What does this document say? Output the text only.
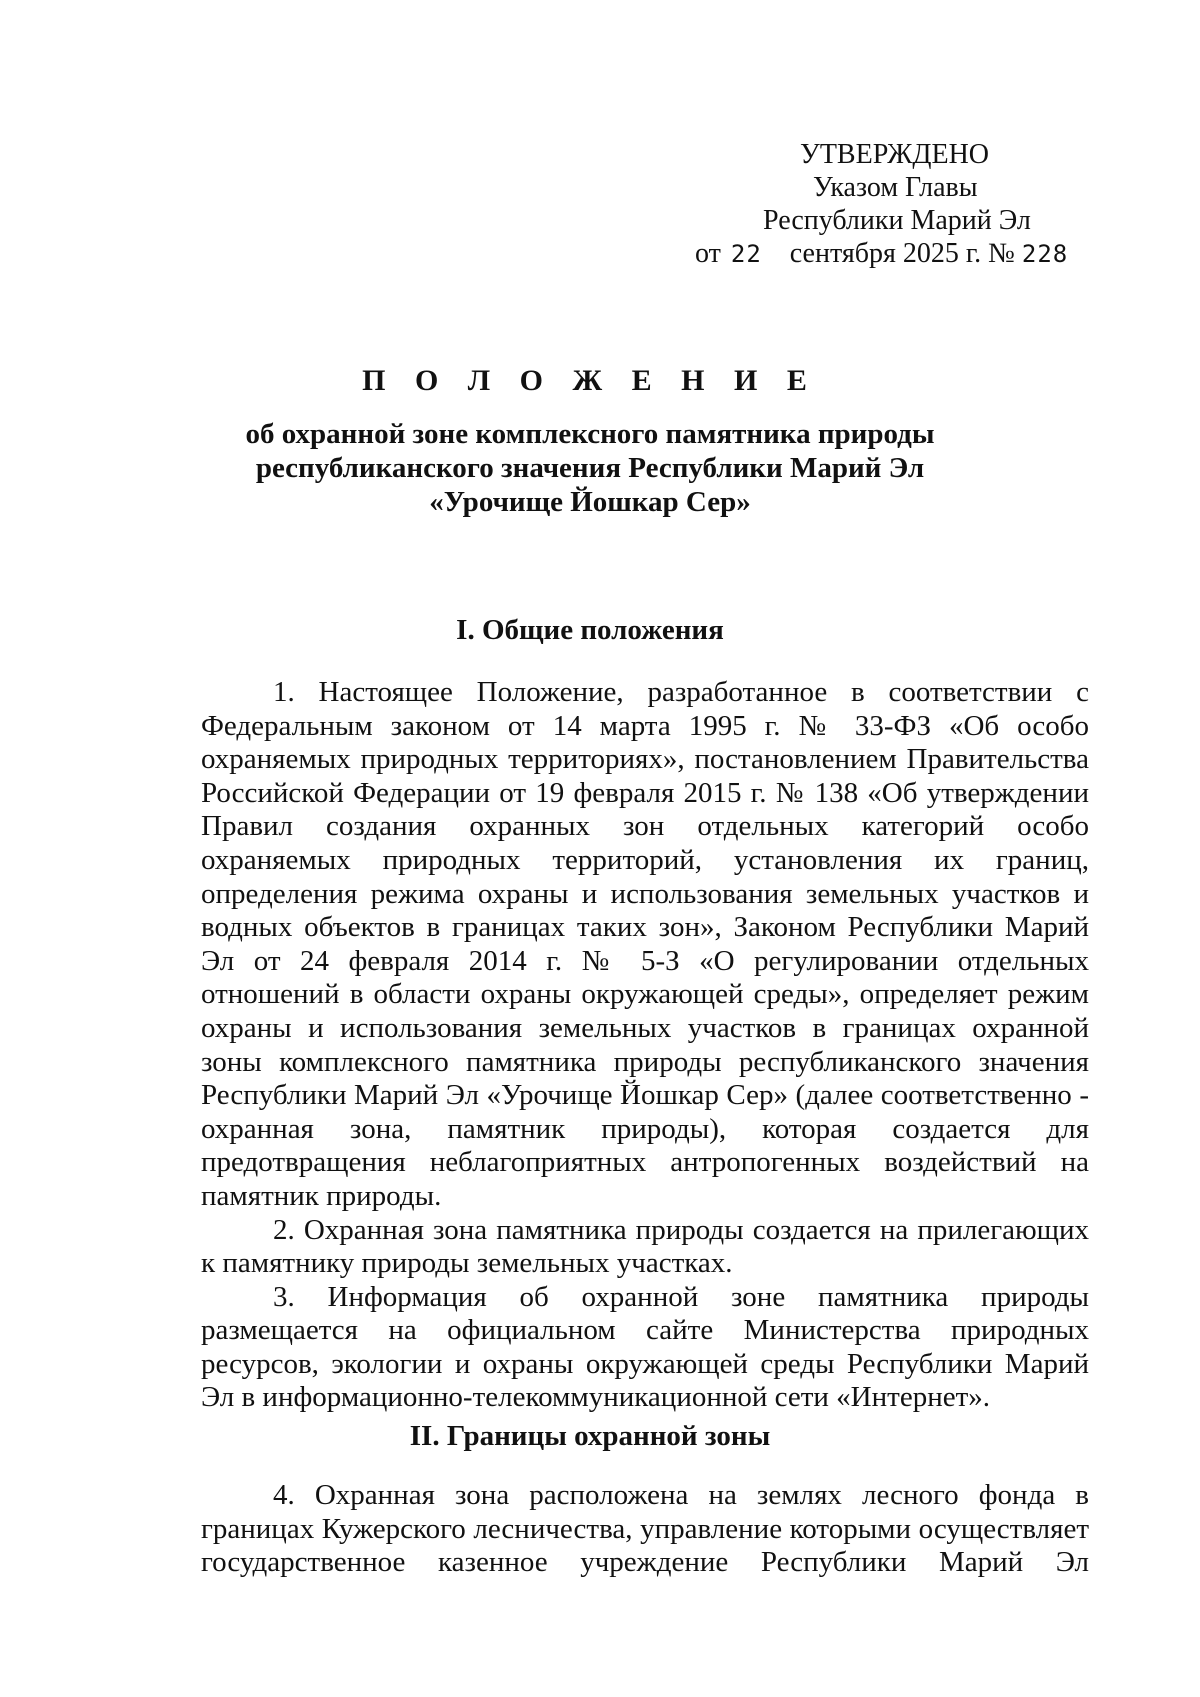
УТВЕРЖДЕНО
Указом Главы
Республики Марий Эл
от 22 сентября 2025 г. № 228
П О Л О Ж Е Н И Е
об охранной зоне комплексного памятника природы
республиканского значения Республики Марий Эл
«Урочище Йошкар Сер»
I. Общие положения

1. Настоящее Положение, разработанное в соответствии с Федеральным законом от 14 марта 1995 г. № 33-ФЗ «Об особо охраняемых природных территориях», постановлением Правительства Российской Федерации от 19 февраля 2015 г. № 138 «Об утверждении Правил создания охранных зон отдельных категорий особо охраняемых природных территорий, установления их границ, определения режима охраны и использования земельных участков и водных объектов в границах таких зон», Законом Республики Марий Эл от 24 февраля 2014 г. № 5-З «О регулировании отдельных отношений в области охраны окружающей среды», определяет режим охраны и использования земельных участков в границах охранной зоны комплексного памятника природы республиканского значения Республики Марий Эл «Урочище Йошкар Сер» (далее соответственно - охранная зона, памятник природы), которая создается для предотвращения неблагоприятных антропогенных воздействий на памятник природы.

2. Охранная зона памятника природы создается на прилегающих к памятнику природы земельных участках.

3. Информация об охранной зоне памятника природы размещается на официальном сайте Министерства природных ресурсов, экологии и охраны окружающей среды Республики Марий Эл в информационно-телекоммуникационной сети «Интернет».

II. Границы охранной зоны

4. Охранная зона расположена на землях лесного фонда в границах Кужерского лесничества, управление которыми осуществляет государственное казенное учреждение Республики Марий Эл
